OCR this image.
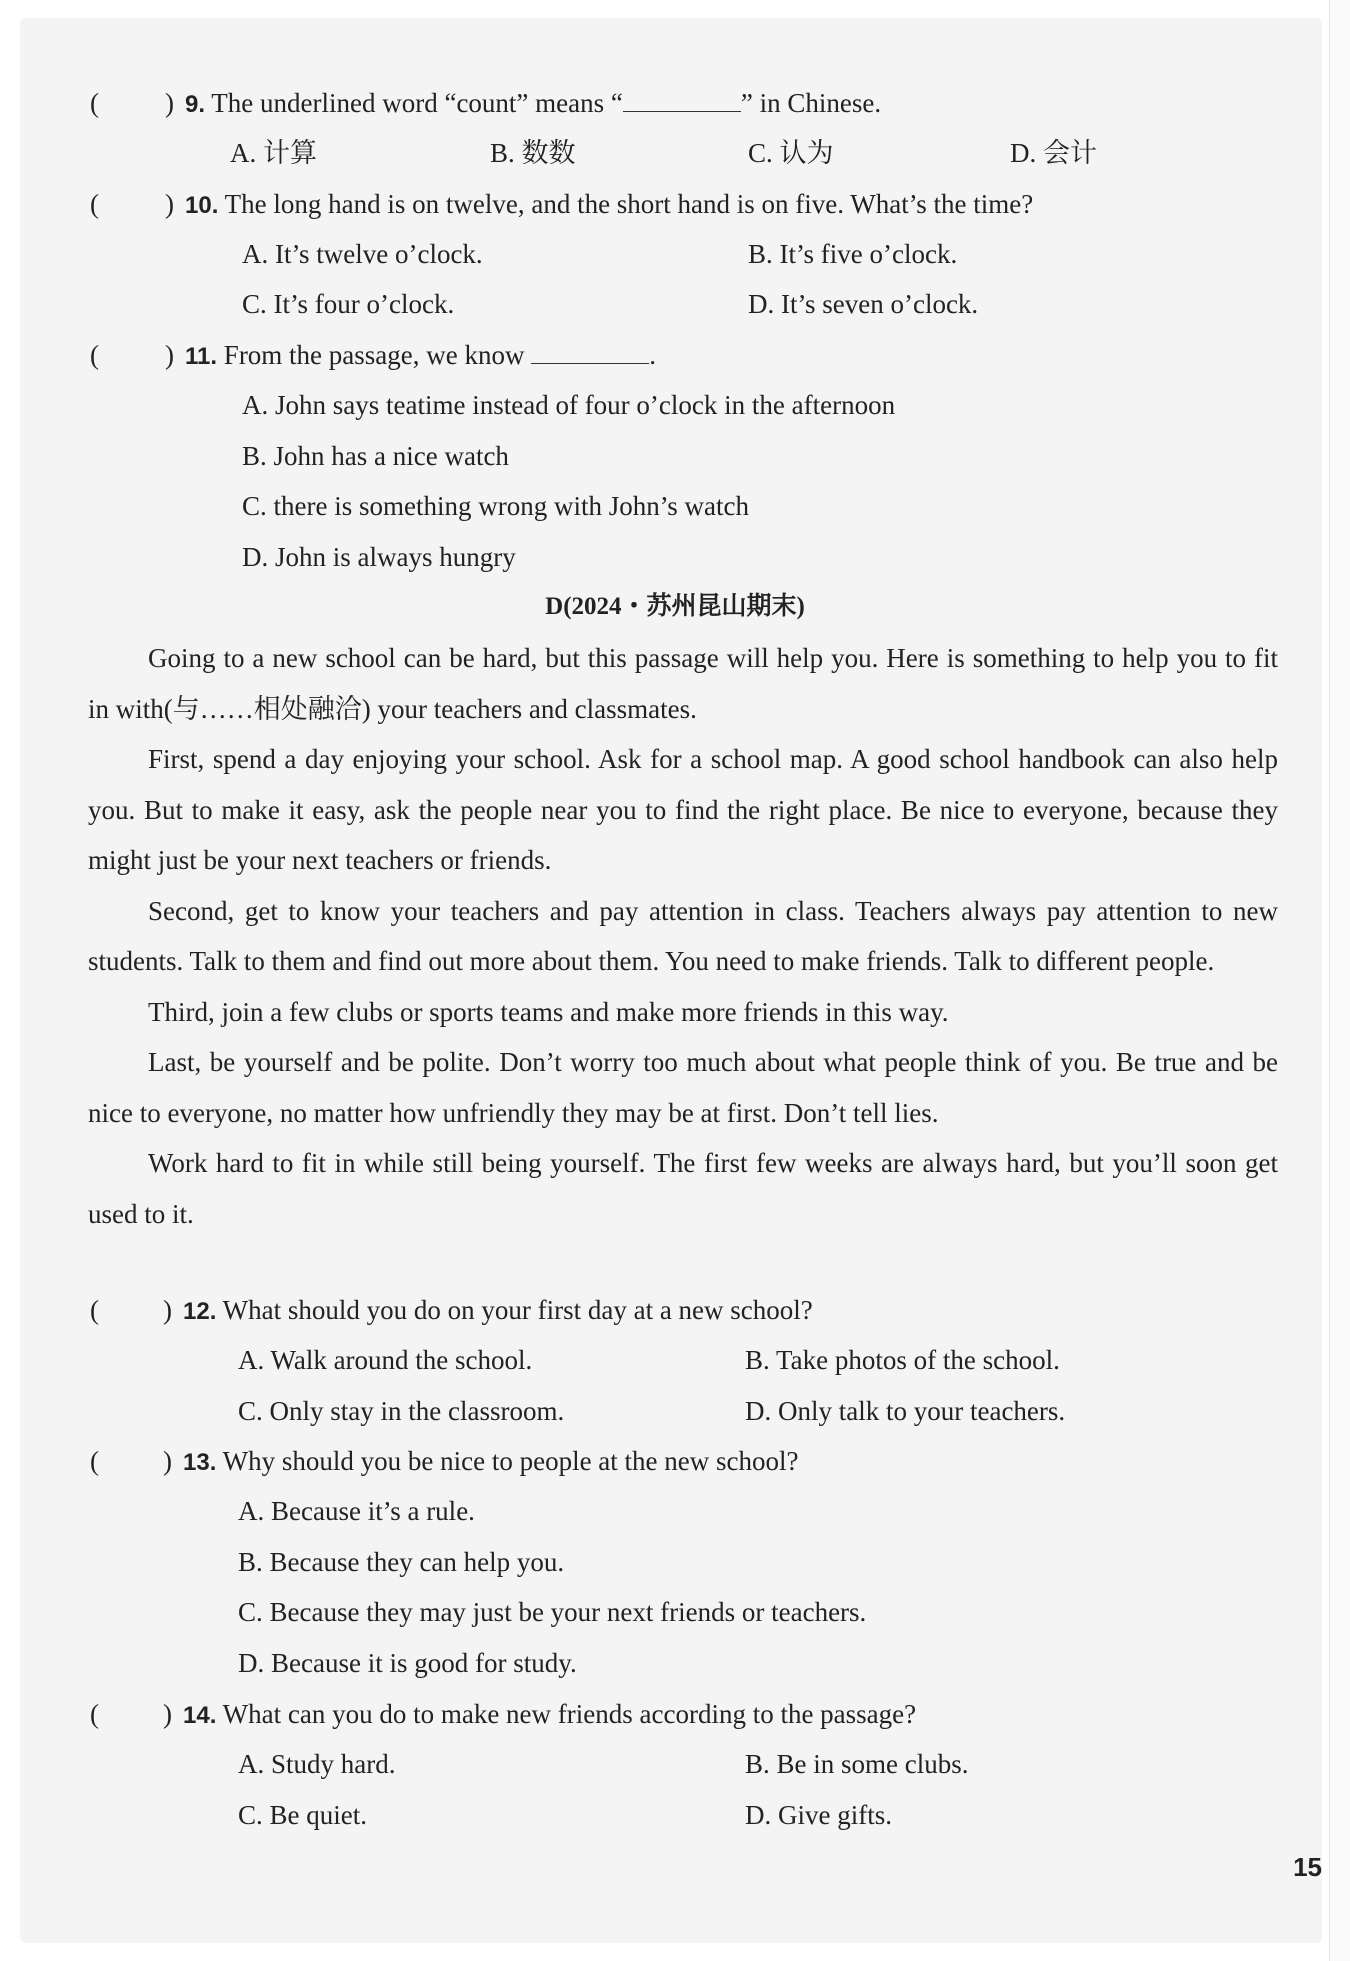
( ) 9. The underlined word “count” means “	” in Chinese.
A. 计算	B. 数数	C. 认为	D. 会计
( ) 10. The long hand is on twelve, and the short hand is on five. What’s the time?
A. It’s twelve o’clock.	B. It’s five o’clock.
C. It’s four o’clock.	D. It’s seven o’clock.
( ) 11. From the passage, we know	.
A. John says teatime instead of four o’clock in the afternoon
B. John has a nice watch
C. there is something wrong with John’s watch
D. John is always hungry
D(2024・苏州昆山期末)

Going to a new school can be hard, but this passage will help you. Here is something to help you to fit in with(与……相处融洽) your teachers and classmates.

First, spend a day enjoying your school. Ask for a school map. A good school handbook can also help you. But to make it easy, ask the people near you to find the right place. Be nice to everyone, because they might just be your next teachers or friends.

Second, get to know your teachers and pay attention in class. Teachers always pay attention to new students. Talk to them and find out more about them. You need to make friends. Talk to different people.

Third, join a few clubs or sports teams and make more friends in this way.

Last, be yourself and be polite. Don’t worry too much about what people think of you. Be true and be nice to everyone, no matter how unfriendly they may be at first. Don’t tell lies.

Work hard to fit in while still being yourself. The first few weeks are always hard, but you’ll soon get used to it.

( ) 12. What should you do on your first day at a new school?
A. Walk around the school.	B. Take photos of the school.
C. Only stay in the classroom.	D. Only talk to your teachers.
( ) 13. Why should you be nice to people at the new school?
A. Because it’s a rule.
B. Because they can help you.
C. Because they may just be your next friends or teachers.
D. Because it is good for study.
( ) 14. What can you do to make new friends according to the passage?
A. Study hard.	B. Be in some clubs.
C. Be quiet.	D. Give gifts.
15
